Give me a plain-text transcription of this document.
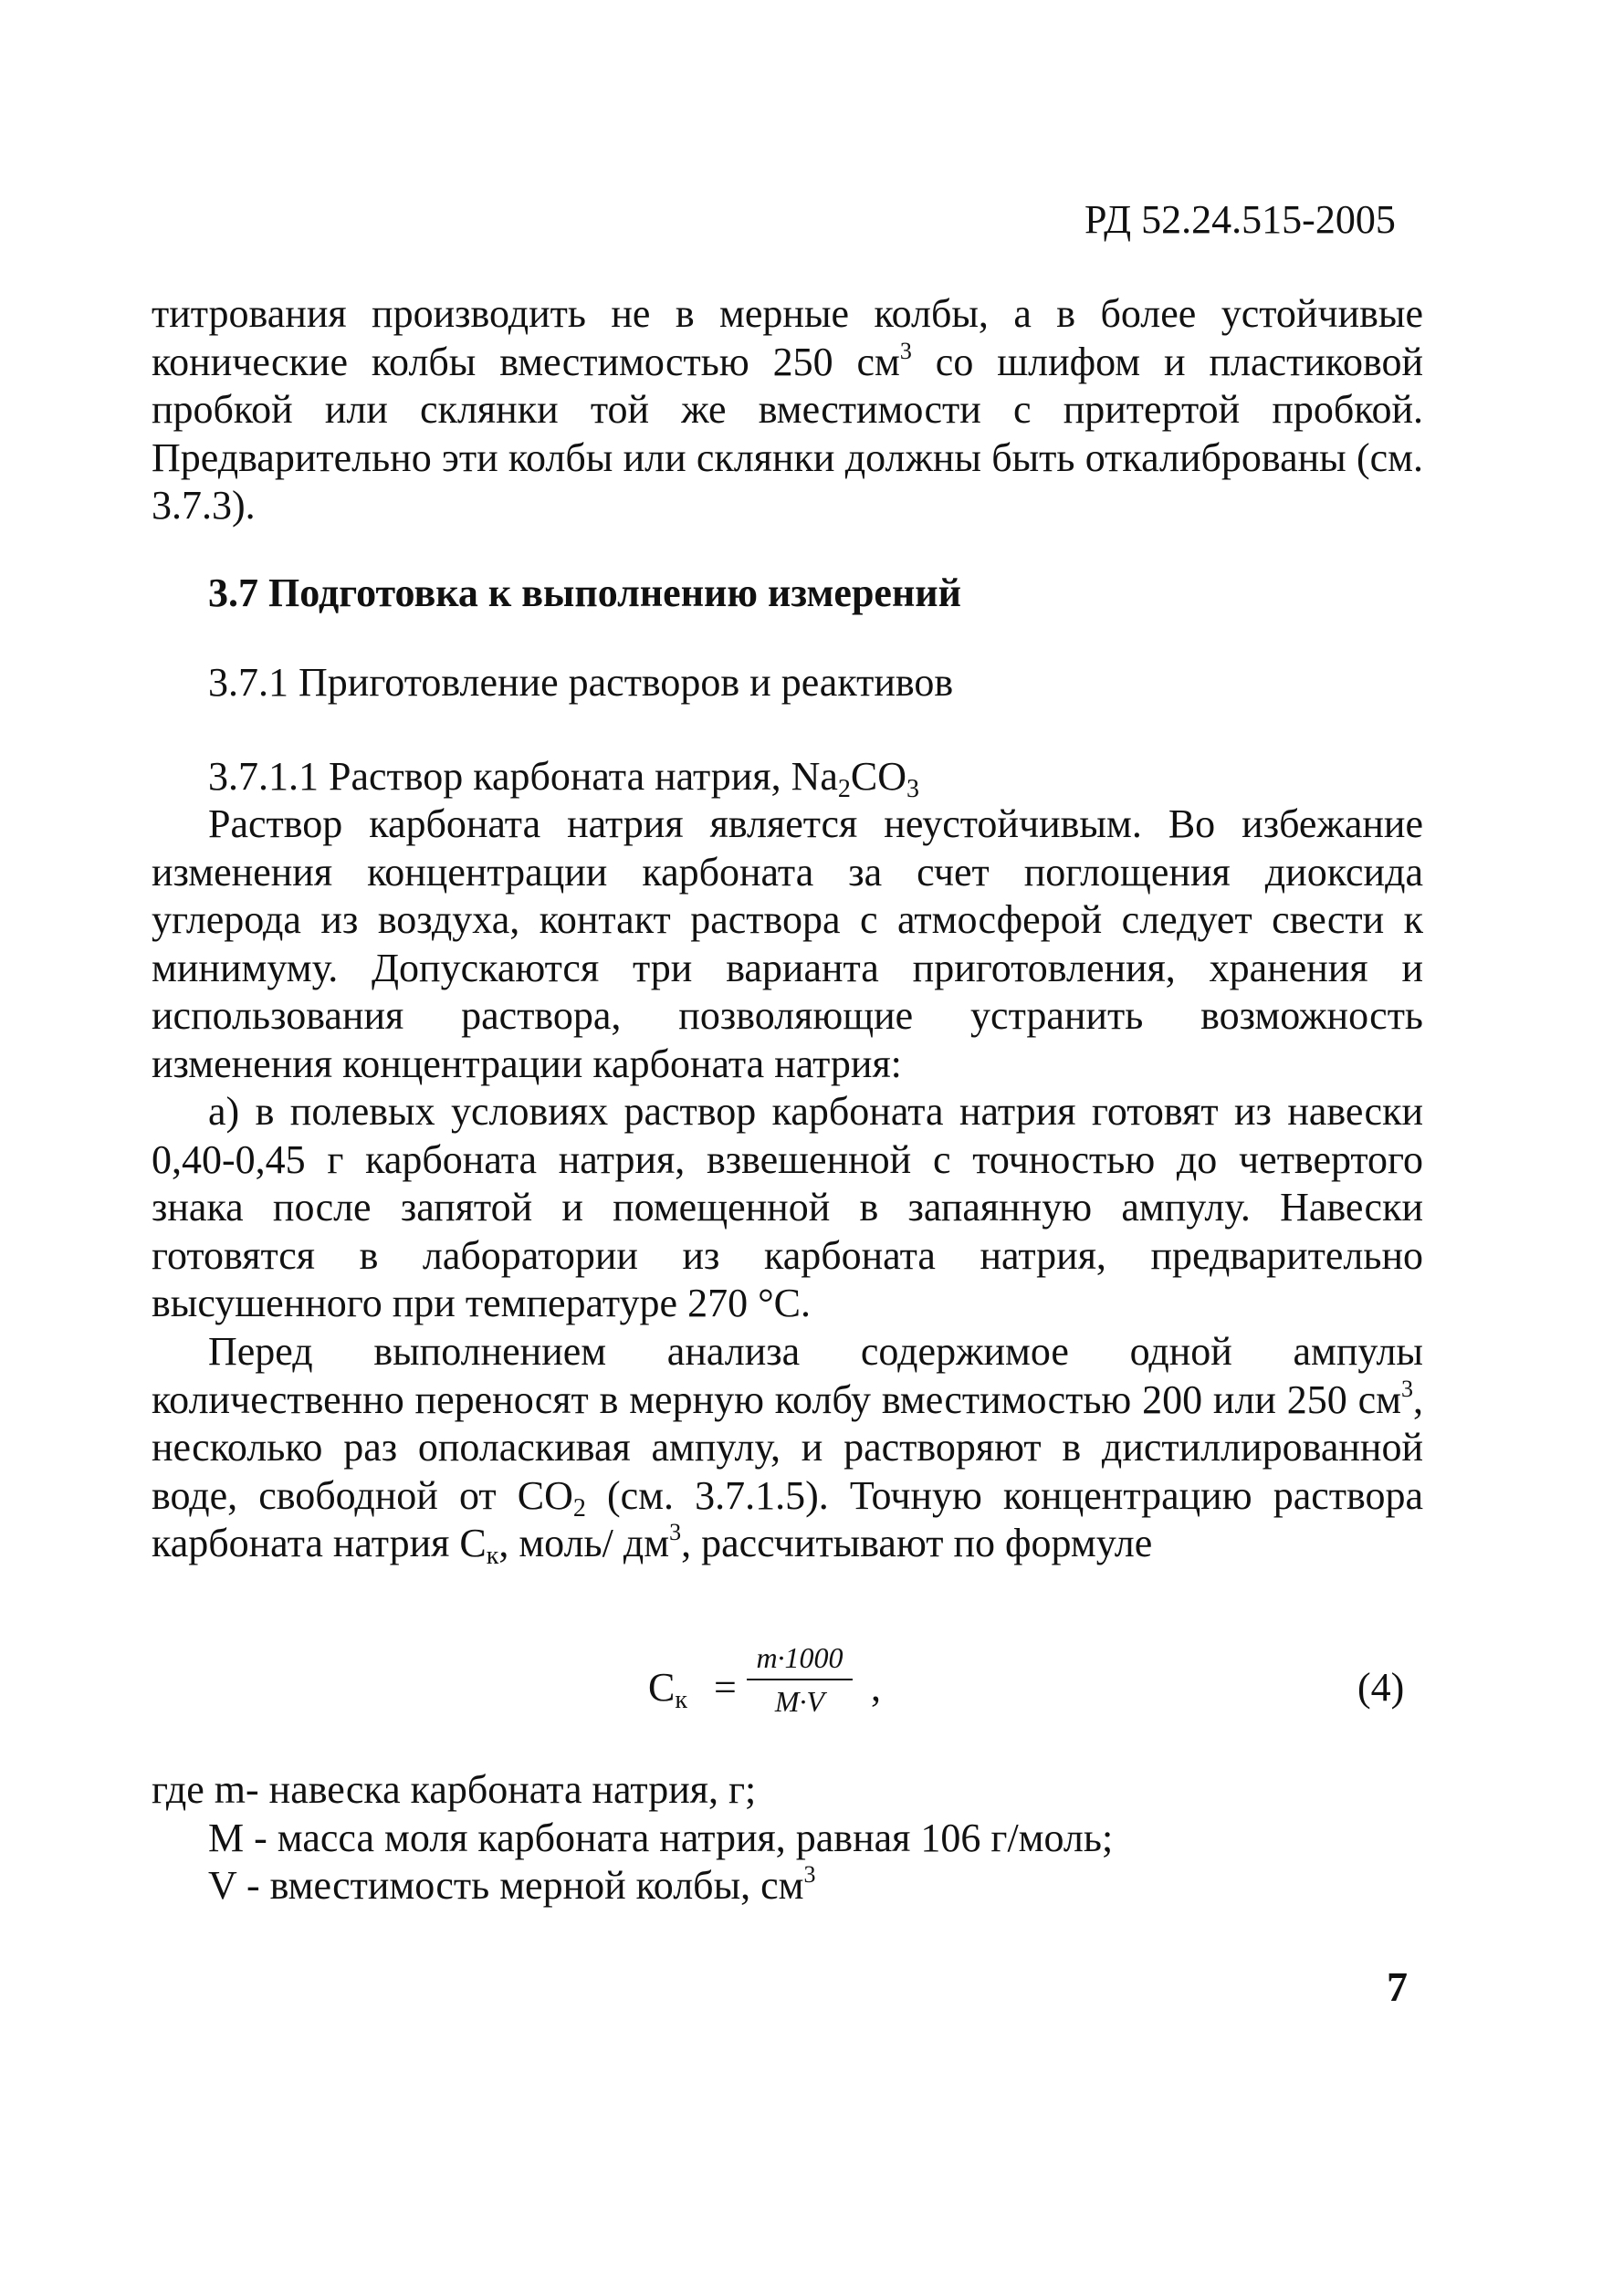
РД 52.24.515-2005
титрования производить не в мерные колбы, а в более устойчивые конические колбы вместимостью 250 $см^3$ со шлифом и пластиковой пробкой или склянки той же вместимости с притертой пробкой. Предварительно эти колбы или склянки должны быть откалиброваны (см. 3.7.3).
3.7 Подготовка к выполнению измерений
3.7.1 Приготовление растворов и реактивов
3.7.1.1 Раствор карбоната натрия, $Na_2CO_3$
Раствор карбоната натрия является неустойчивым. Во избежание изменения концентрации карбоната за счет поглощения диоксида углерода из воздуха, контакт раствора с атмосферой следует свести к минимуму. Допускаются три варианта приготовления, хранения и использования раствора, позволяющие устранить возможность изменения концентрации карбоната натрия:
а) в полевых условиях раствор карбоната натрия готовят из навески 0,40-0,45 г карбоната натрия, взвешенной с точностью до четвертого знака после запятой и помещенной в запаянную ампулу. Навески готовятся в лаборатории из карбоната натрия, предварительно высушенного при температуре 270 °С.
Перед выполнением анализа содержимое одной ампулы количественно переносят в мерную колбу вместимостью 200 или 250 $см^3$, несколько раз ополаскивая ампулу, и растворяют в дистиллированной воде, свободной от $СО_2$ (см. 3.7.1.5). Точную концентрацию раствора карбоната натрия $С_к$, моль/ $дм^3$, рассчитывают по формуле
$С_к$ =
m·1000
M·V	,	(4)
где m- навеска карбоната натрия, г;
М - масса моля карбоната натрия, равная 106 г/моль;
V - вместимость мерной колбы, $см^3$
7
